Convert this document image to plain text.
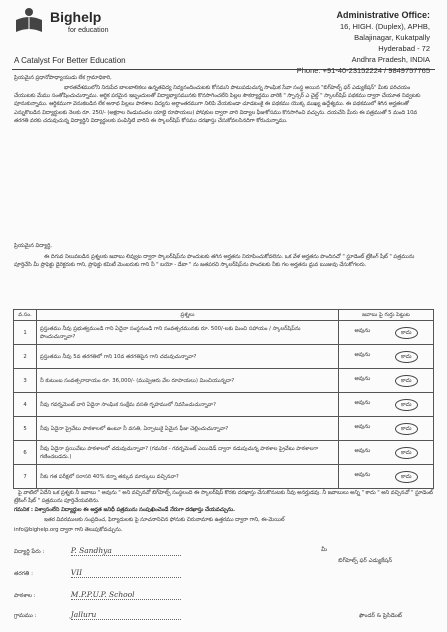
Bighelp
for education
A Catalyst For Better Education
Administrative Office:
16, HIGH. (Duplex), APHB,
Balajinagar, Kukatpally
Hyderabad - 72
Andhra Pradesh, INDIA
Phone: +91-40-23152224 / 9849757765
ప్రియమైన ప్రధానోపాధ్యాయుడు లేక గ్రామాధికారి,
భారతదేశములోని నిరుపేద బాలబాలికలు ఉన్నతవిద్య నిద్యనందించుటకు కోసమని పాటుపడుచున్న సాంఘిక సేవా సంస్థ అయిన "బిగ్‌హెల్ప్ ఫర్ ఎడ్యుకేషన్" మీకు పరిచయం చేయుటకు మేము సంతోషించుచున్నాము. ఆర్థిక పరమైన ఇబ్బందులతో విద్యాభ్యాసమునకు కొనసాగించలేని పిల్లల సౌకర్యార్థము వారికి " స్పాన్సర్ ఎ చైల్డ్ " స్కాలర్‌షిప్ పథకము ద్వారా చేయూత నివ్వటకు పూనుకున్నాము. ఆర్థికముగా వెనుకబడిన లేక అనాథ పిల్లలు పాఠశాల విద్యను అర్ధాంతరముగా నిలిపి వేయకుండా చూడటంకై ఈ పథకము యొక్క ముఖ్య ఉద్దేశ్యము. ఈ పథకములో శిగిన అర్హతలతో ఎన్నుకొబడిన విద్యార్థులకు నెలకు రూ. 250/- (అక్షరాల రెండువందల యాభై రూపాయలు) పోషకుల ద్వారా వారి విద్యాల ఫీజుకోసము కొనసాగించి వచ్చును. దయచేసి మీరు ఈ పత్రముతో 5 మంది 10వ తరగతి వరకు చదువుచున్న విద్యార్థిని విద్యార్థులకు పంపిస్తిటి వారిని ఈ స్కాలర్‌షిప్ కోసము దరఖాస్తు చేసుకోవలసినదిగా కోరుచున్నాము.
ప్రియమైన విద్యార్థి,
ఈ దిగువ నిలువబడిన ప్రశ్నలకు జవాబు లివ్వుట ద్వారా స్కాలర్‌షిప్‌ను పొందుటకు తగిన అర్హతను నిరూపించుకోవలెను. ఒక వేళ అర్హతను పొందినచో " స్టూడెంట్ ట్రేకింగ్ షీట్ " పత్రమును పూర్తిచేసి మీ ప్రొఫెక్టు డైరెక్టరుకు గాని, ప్రొఫెక్టు కమిటీ మెంబరుకు గాని నీ " బయో - డేటా " ను జతపరచి స్కాలర్‌షిప్‌ను పొందటకు నీకు గల అర్హతను ధ్రువ ఋజువు చేసుకోగలరు.
వ.సం.	ప్రశ్నలు	జవాబు పై గుర్తు పెట్టుట
1	ప్రస్తుతము నీవు ప్రభుత్వముండి గాని ఏదైనా సంస్థనుండి గాని సంవత్సరమునకు రూ. 500/-లకు మించి సహాయం / స్కాలర్‌షిప్‌ను పొందుచున్నావా?	అవును కాదు

2	ప్రస్తుతము నీవు 5వ తరగతిలో గాని 10వ తరగతిపైన గాని చదువుచున్నావా?	అవును కాదు

3	నీ కుటుంబ సంవత్సరాదాయం రూ. 36,000/- (ముప్పెఆరు వేల రూపాయలు) మించియున్నదా?	అవును కాదు

4	నీవు గవర్నమెంట్ వారి ఏదైనా సాంఘిక సంక్షేమ వసతి గృహములో నివసించుచున్నావా?	అవును కాదు

5	నీవు ఏదైనా ప్రైవేటు పాఠశాలలో ఉంటూ నీ వసతి, ఏర్పాటుకై ఏమైన ఫీజు చెల్లించుచున్నావా?	అవును కాదు

6	నీవు ఏదైనా ప్రయివేటు పాఠశాలలో చదువుచున్నావా? (గమనిక - గవర్నమెంట్ ఎయిడెడ్ ద్వారా నడుపుచున్న పాఠశాల ప్రైవేటు పాఠశాలగా గణించబడదు.)	అవును కాదు

7	నీకు గత పరీక్షలో సరాసరి 40% కన్నా తక్కువ మార్కులు వచ్చినవా?	అవును కాదు
పై వాటిలో ఏదేని ఒక ప్రశ్నకు నీ జవాబు " అవును " అని వచ్చినచో బిగ్‌హెల్ప్ సంస్థలంది ఈ స్కాలర్‌షిప్ కొరకు దరఖాస్తు చేసుకొనుటకు నీవు అనర్హుడవు. నీ జవాబులు అన్ని " కాదు " అని వచ్చినచో " స్టూడెంట్ ట్రేకింగ్ షీట్ " పత్రమును పూర్తిచేయవలెను.
గమనిక : విశ్వాసంలేని విద్యార్థుల ఈ అర్హత జనిధీ పత్రమును సంపుఖించెండే నేరుగా దరఖాస్తు చేయవచ్చును.
ఇతర వివరములకు సంప్రదించ, ఫిర్యాదులకు పై సూచనానిచిన ఫోనుకు చిరునామాకు ఉత్తరము ద్వారా గాని, ఈ-మెయిల్
info@bighelp.org ద్వారా గాని తెలుపుకోవచ్చును.
విద్యార్థి పేరు :	P. Sandhya
తరగతి :	VII
పాఠశాల :	M.P.P.U.P. School
గ్రామము :	Jalluru
మీ
బిగ్‌హెల్ప్ ఫర్ ఎడ్యుకేషన్
ఫౌండర్ & ప్రెసిడెంట్
